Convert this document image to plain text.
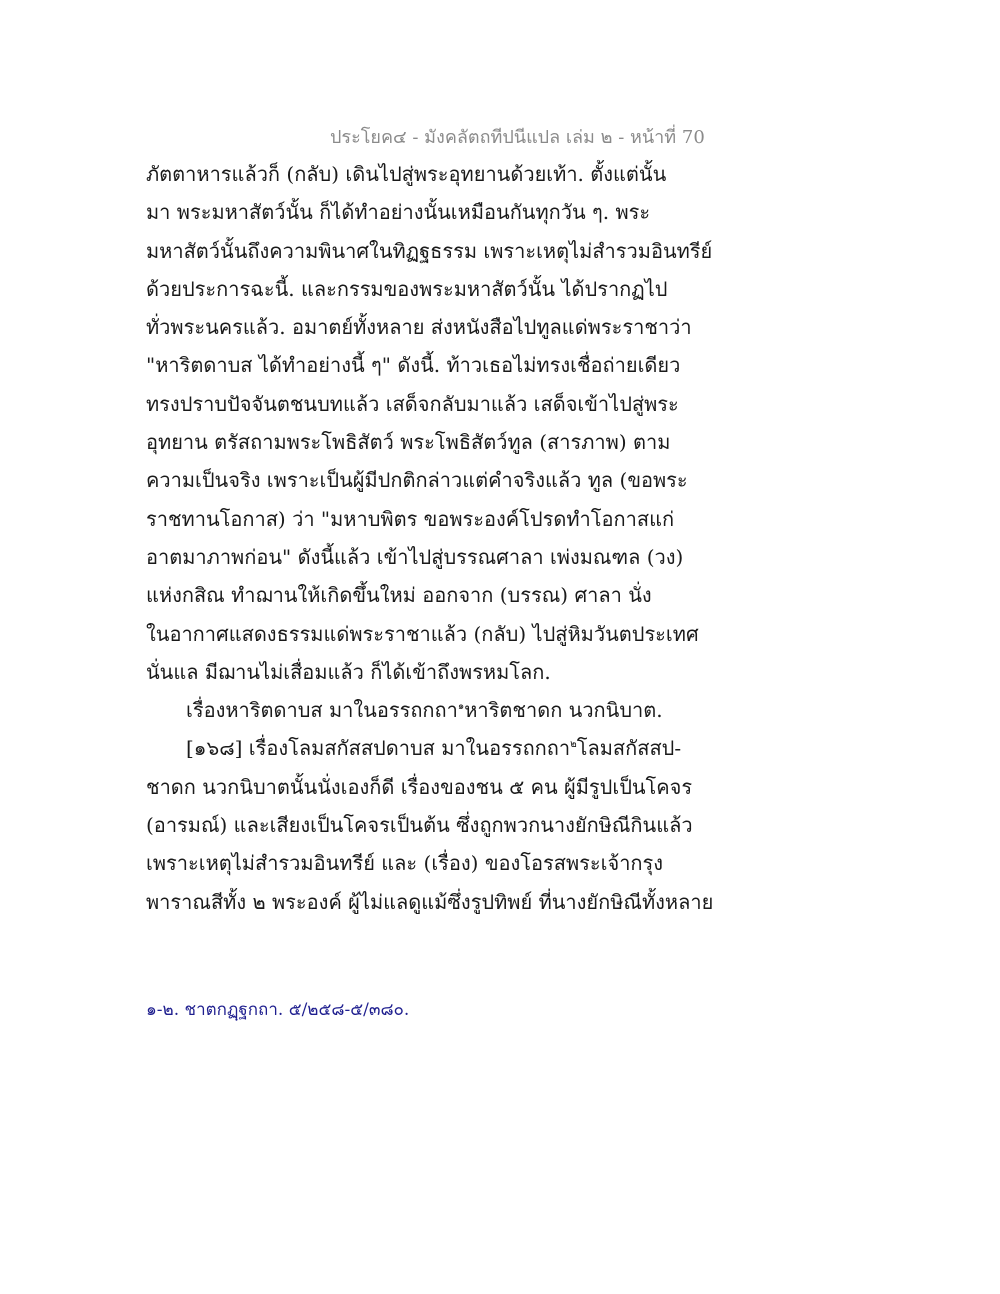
ประโยค๔ - มังคลัตถทีปนีแปล เล่ม ๒ - หน้าที่ 70
ภัตตาหารแล้วก็ (กลับ) เดินไปสู่พระอุทยานด้วยเท้า. ตั้งแต่นั้น
มา พระมหาสัตว์นั้น ก็ได้ทำอย่างนั้นเหมือนกันทุกวัน ๆ. พระ
มหาสัตว์นั้นถึงความพินาศในทิฏฐธรรม เพราะเหตุไม่สำรวมอินทรีย์
ด้วยประการฉะนี้. และกรรมของพระมหาสัตว์นั้น ได้ปรากฏไป
ทั่วพระนครแล้ว. อมาตย์ทั้งหลาย ส่งหนังสือไปทูลแด่พระราชาว่า
"หาริตดาบส ได้ทำอย่างนี้ ๆ" ดังนี้. ท้าวเธอไม่ทรงเชื่อถ่ายเดียว
ทรงปราบปัจจันตชนบทแล้ว เสด็จกลับมาแล้ว เสด็จเข้าไปสู่พระ
อุทยาน ตรัสถามพระโพธิสัตว์ พระโพธิสัตว์ทูล (สารภาพ) ตาม
ความเป็นจริง เพราะเป็นผู้มีปกติกล่าวแต่คำจริงแล้ว ทูล (ขอพระ
ราชทานโอกาส) ว่า "มหาบพิตร ขอพระองค์โปรดทำโอกาสแก่
อาตมาภาพก่อน" ดังนี้แล้ว เข้าไปสู่บรรณศาลา เพ่งมณฑล (วง)
แห่งกสิณ ทำฌานให้เกิดขึ้นใหม่ ออกจาก (บรรณ) ศาลา นั่ง
ในอากาศแสดงธรรมแด่พระราชาแล้ว (กลับ) ไปสู่หิมวันตประเทศ
นั่นแล มีฌานไม่เสื่อมแล้ว ก็ได้เข้าถึงพรหมโลก.
เรื่องหาริตดาบส มาในอรรถกถา$^๑$หาริตชาดก นวกนิบาต.
[๑๖๘] เรื่องโลมสกัสสปดาบส มาในอรรถกถา$^๒$โลมสกัสสป-
ชาดก นวกนิบาตนั้นนั่งเองก็ดี เรื่องของชน ๕ คน ผู้มีรูปเป็นโคจร
(อารมณ์) และเสียงเป็นโคจรเป็นต้น ซึ่งถูกพวกนางยักษิณีกินแล้ว
เพราะเหตุไม่สำรวมอินทรีย์ และ (เรื่อง) ของโอรสพระเจ้ากรุง
พาราณสีทั้ง ๒ พระองค์ ผู้ไม่แลดูแม้ซึ่งรูปทิพย์ ที่นางยักษิณีทั้งหลาย
๑-๒. ชาตกฏฺฐกถา. ๕/๒๕๘-๕/๓๘๐.
